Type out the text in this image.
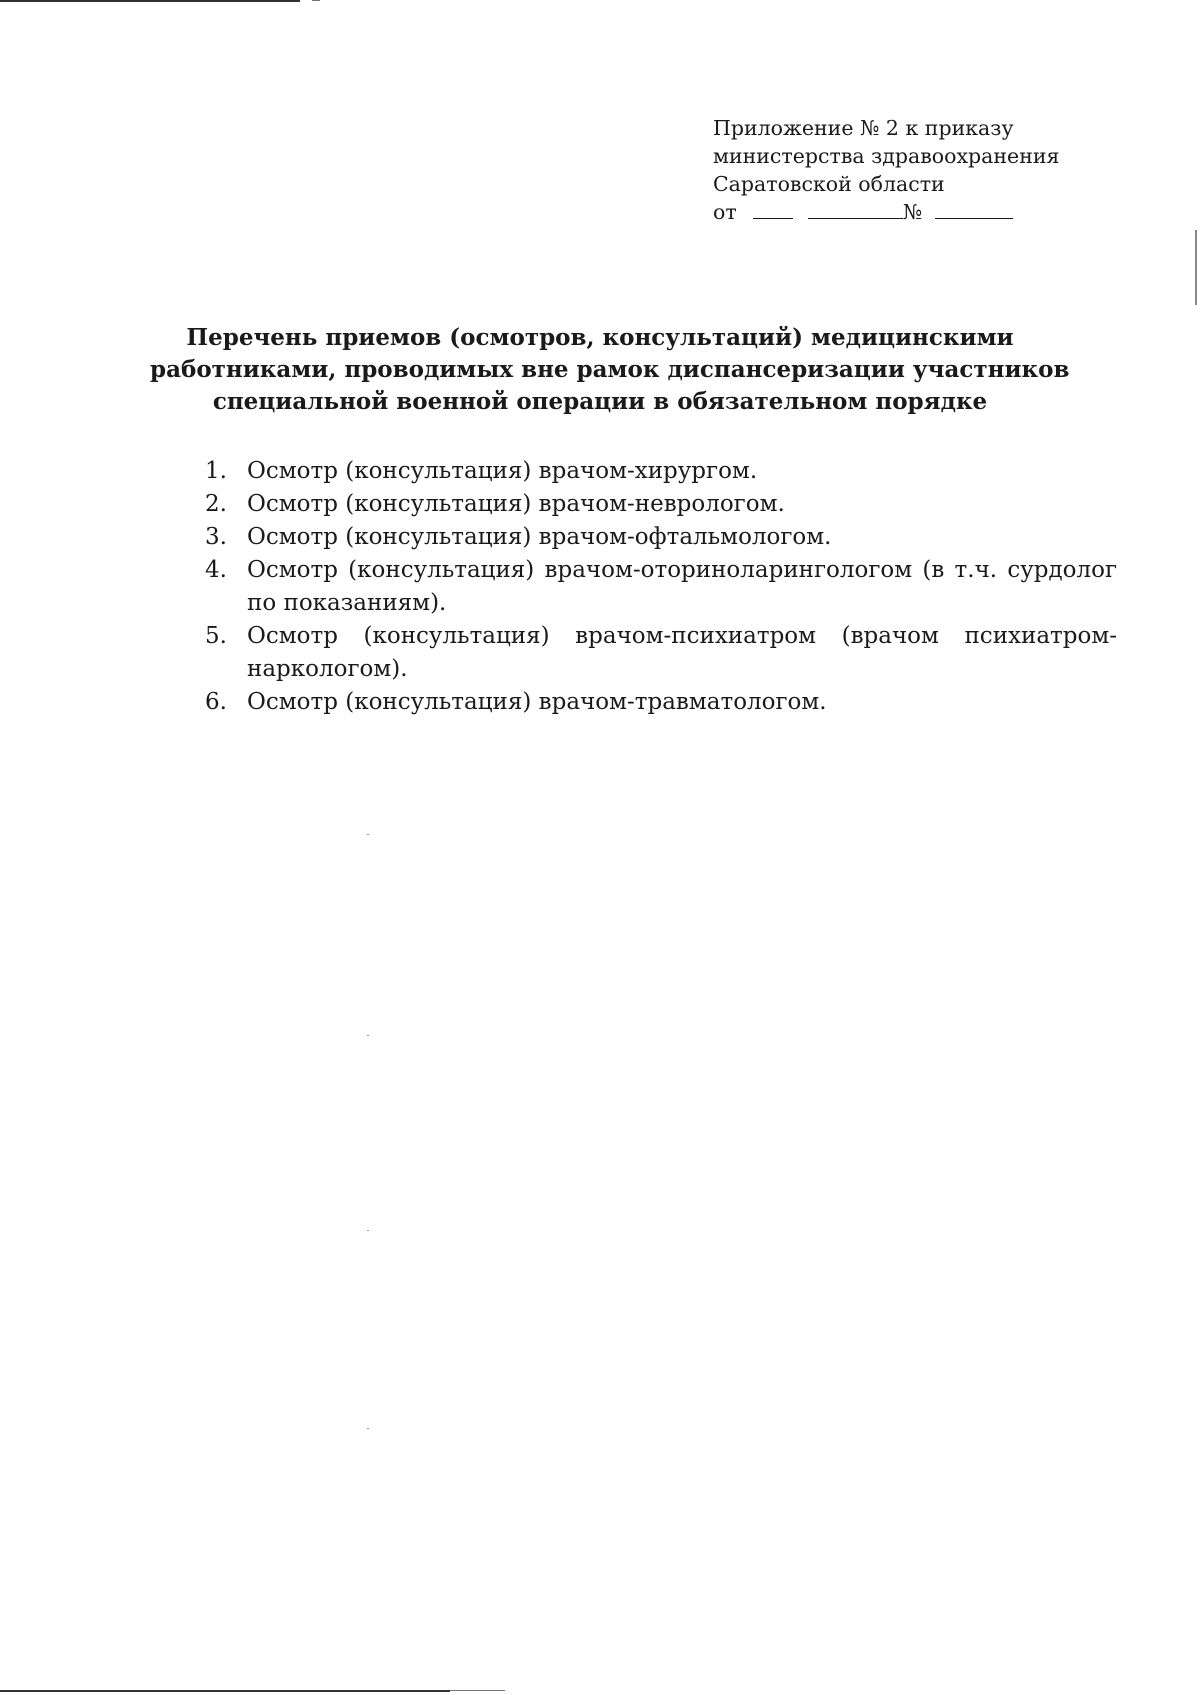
Приложение № 2 к приказу
министерства здравоохранения
Саратовской области
от	№
Перечень приемов (осмотров, консультаций) медицинскими
работниками, проводимых вне рамок диспансеризации участников
специальной военной операции в обязательном порядке
1. Осмотр (консультация) врачом-хирургом.
2. Осмотр (консультация) врачом-неврологом.
3. Осмотр (консультация) врачом-офтальмологом.
4. Осмотр (консультация) врачом-оториноларингологом (в т.ч. сурдолог по показаниям).
5. Осмотр (консультация) врачом-психиатром (врачом психиатром-наркологом).
6. Осмотр (консультация) врачом-травматологом.
